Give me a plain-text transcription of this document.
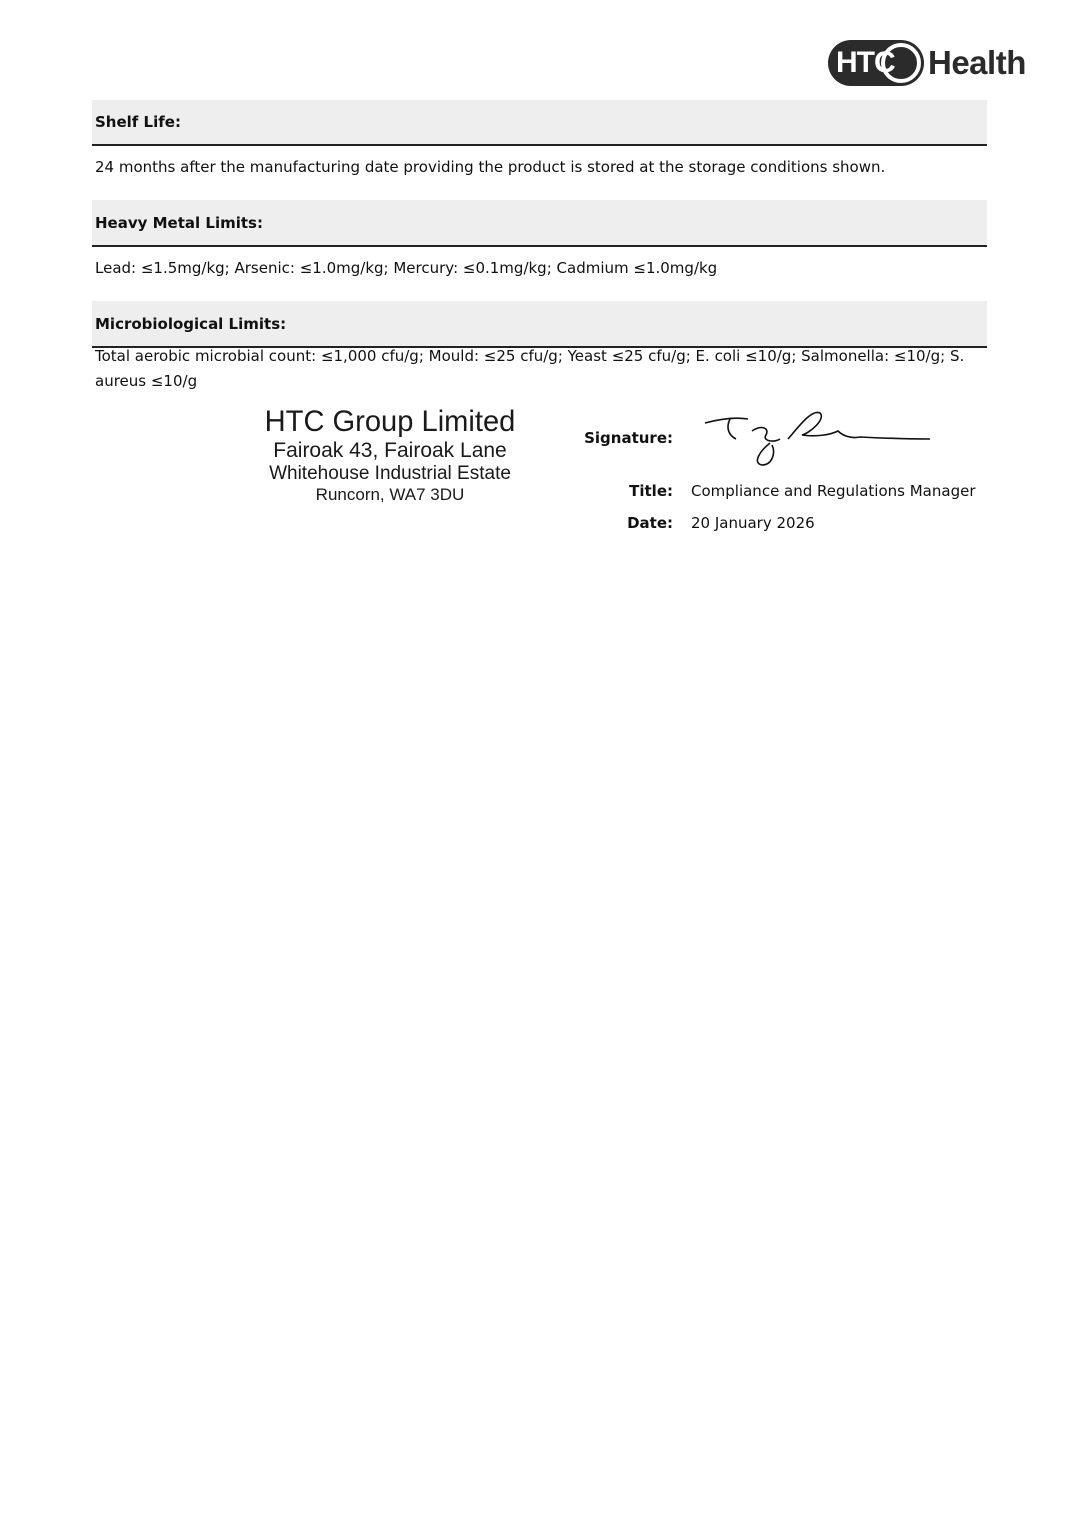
HTC Health
Shelf Life:
24 months after the manufacturing date providing the product is stored at the storage conditions shown.
Heavy Metal Limits:
Lead: ≤1.5mg/kg; Arsenic: ≤1.0mg/kg; Mercury: ≤0.1mg/kg; Cadmium ≤1.0mg/kg
Microbiological Limits:
Total aerobic microbial count: ≤1,000 cfu/g; Mould: ≤25 cfu/g; Yeast ≤25 cfu/g; E. coli ≤10/g; Salmonella: ≤10/g; S. aureus ≤10/g
HTC Group Limited
Fairoak 43, Fairoak Lane
Whitehouse Industrial Estate
Runcorn, WA7 3DU
Signature:
Title: Compliance and Regulations Manager
Date: 20 January 2026
